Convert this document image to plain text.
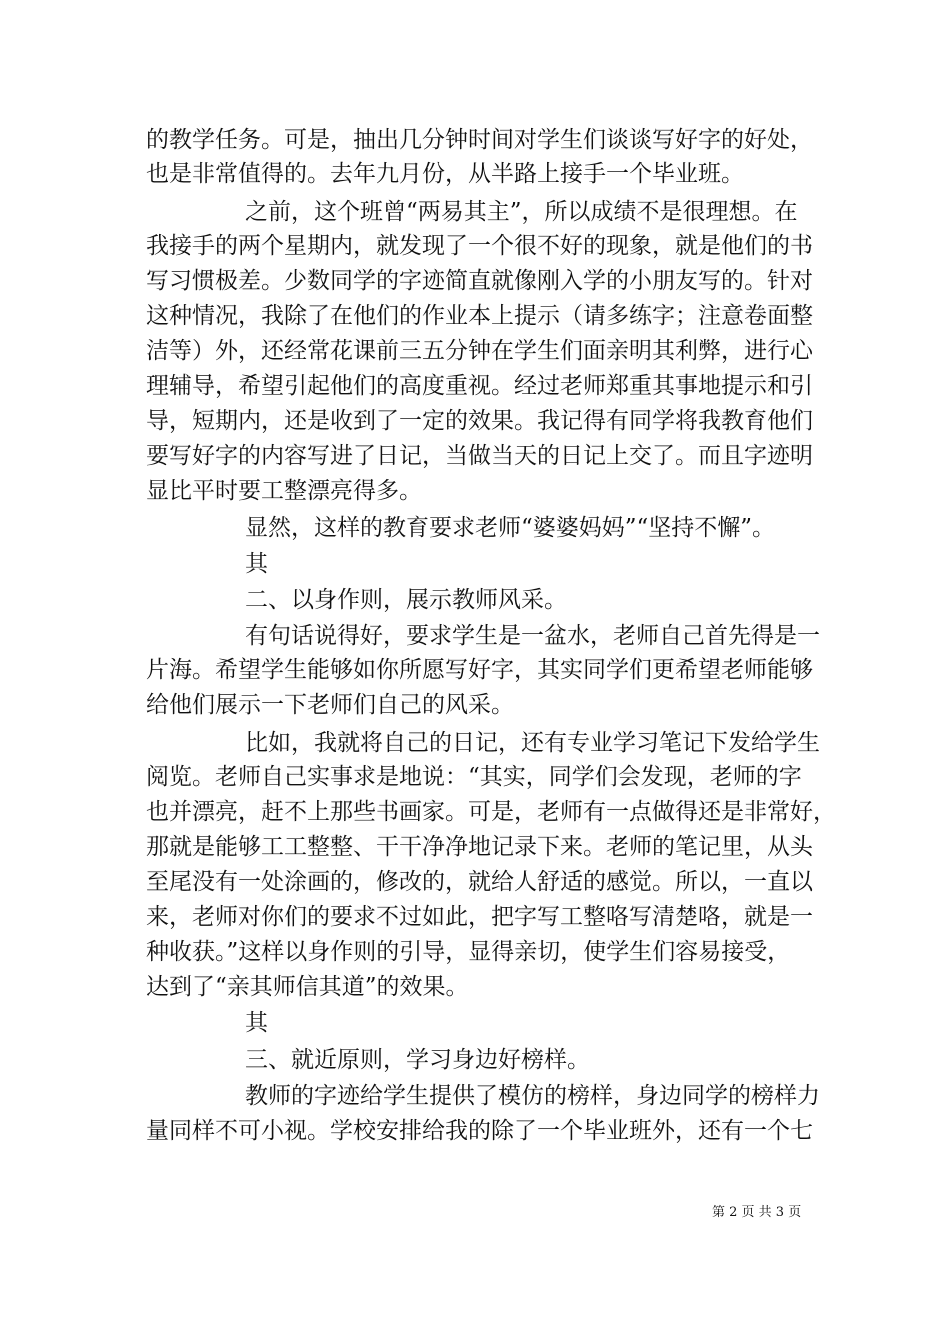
的教学任务。可是，抽出几分钟时间对学生们谈谈写好字的好处，
也是非常值得的。去年九月份，从半路上接手一个毕业班。
之前，这个班曾“两易其主”，所以成绩不是很理想。在
我接手的两个星期内，就发现了一个很不好的现象，就是他们的书
写习惯极差。少数同学的字迹简直就像刚入学的小朋友写的。针对
这种情况，我除了在他们的作业本上提示（请多练字；注意卷面整
洁等）外，还经常花课前三五分钟在学生们面亲明其利弊，进行心
理辅导，希望引起他们的高度重视。经过老师郑重其事地提示和引
导，短期内，还是收到了一定的效果。我记得有同学将我教育他们
要写好字的内容写进了日记，当做当天的日记上交了。而且字迹明
显比平时要工整漂亮得多。
显然，这样的教育要求老师“婆婆妈妈”“坚持不懈”。
其
二、以身作则，展示教师风采。
有句话说得好，要求学生是一盆水，老师自己首先得是一
片海。希望学生能够如你所愿写好字，其实同学们更希望老师能够
给他们展示一下老师们自己的风采。
比如，我就将自己的日记，还有专业学习笔记下发给学生
阅览。老师自己实事求是地说：“其实，同学们会发现，老师的字
也并漂亮，赶不上那些书画家。可是，老师有一点做得还是非常好，
那就是能够工工整整、干干净净地记录下来。老师的笔记里，从头
至尾没有一处涂画的，修改的，就给人舒适的感觉。所以，一直以
来，老师对你们的要求不过如此，把字写工整咯写清楚咯，就是一
种收获。”这样以身作则的引导，显得亲切，使学生们容易接受，
达到了“亲其师信其道”的效果。
其
三、就近原则，学习身边好榜样。
教师的字迹给学生提供了模仿的榜样，身边同学的榜样力
量同样不可小视。学校安排给我的除了一个毕业班外，还有一个七
第 2 页 共 3 页
